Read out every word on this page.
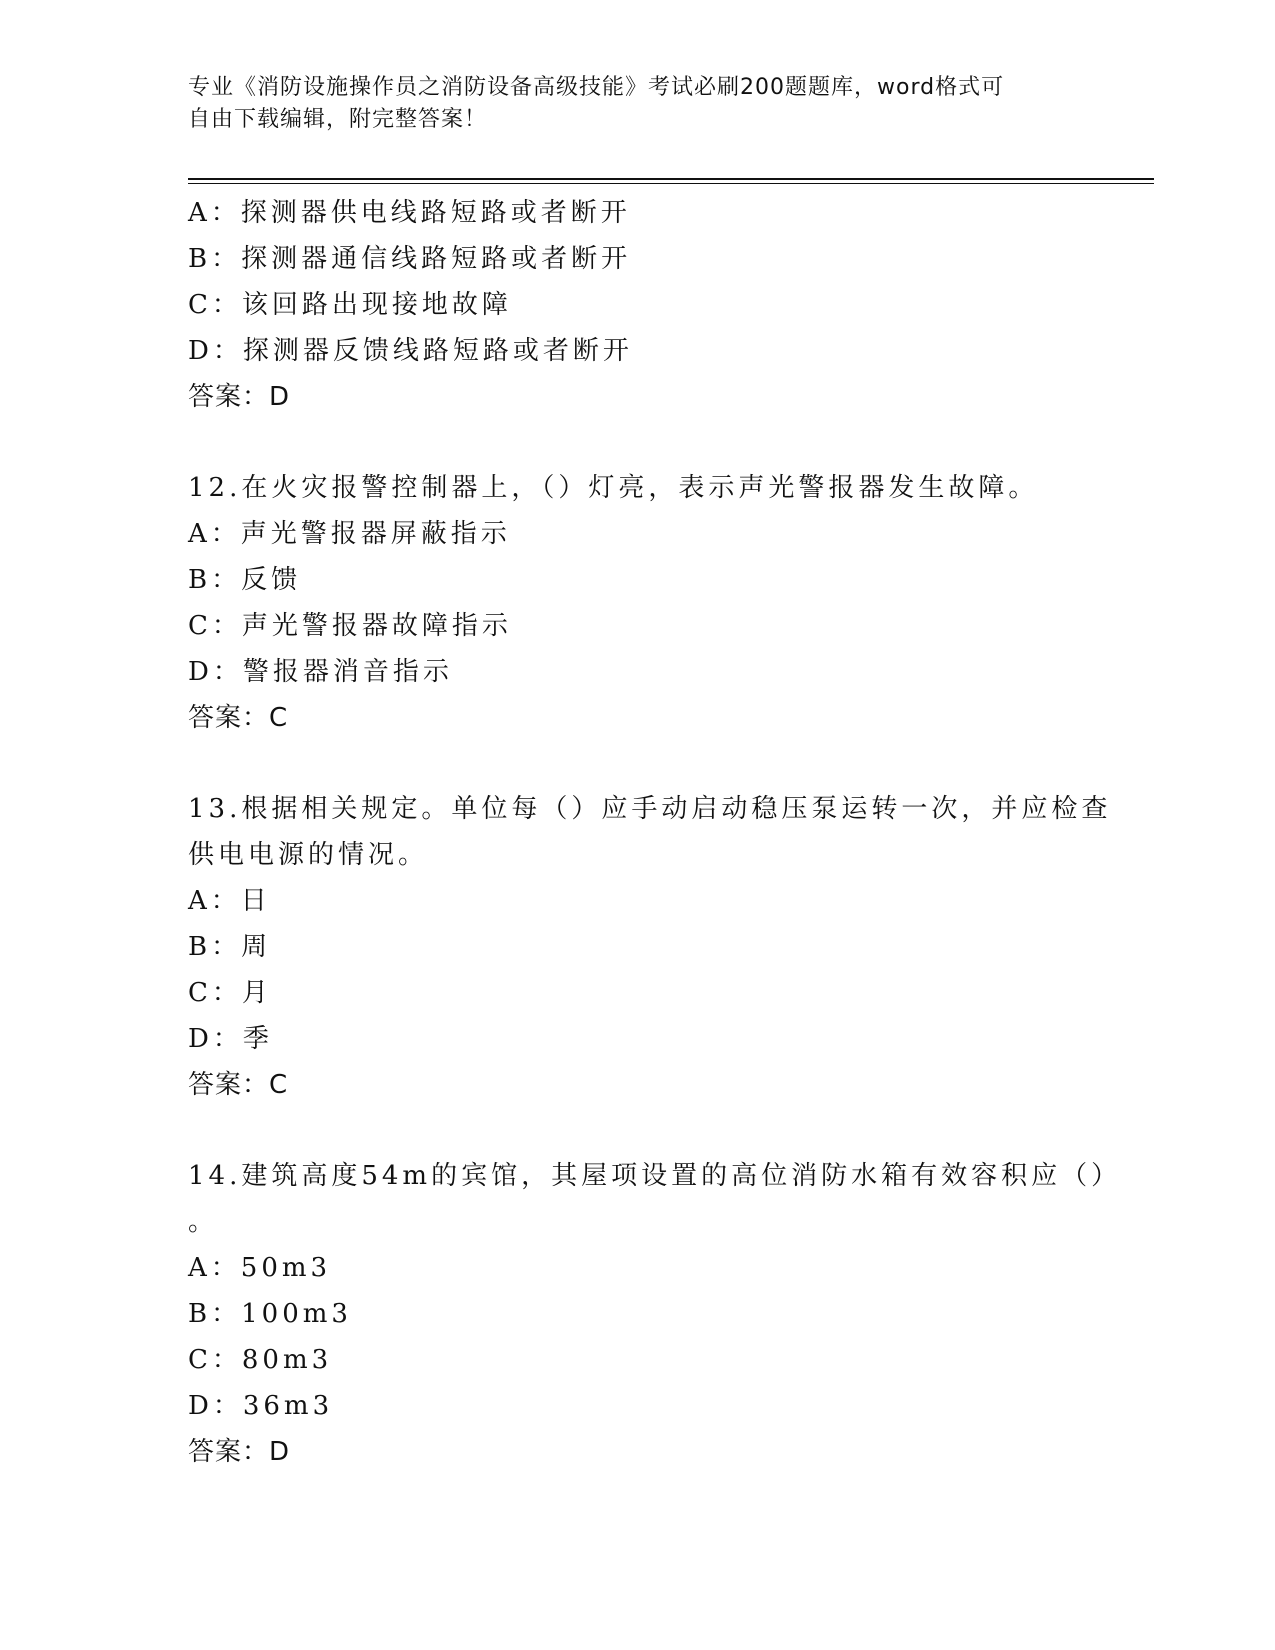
专业《消防设施操作员之消防设备高级技能》考试必刷200题题库，word格式可
自由下载编辑，附完整答案！
A：探测器供电线路短路或者断开
B：探测器通信线路短路或者断开
C：该回路出现接地故障
D：探测器反馈线路短路或者断开
答案：D
12.在火灾报警控制器上，（）灯亮，表示声光警报器发生故障。
A：声光警报器屏蔽指示
B：反馈
C：声光警报器故障指示
D：警报器消音指示
答案：C
13.根据相关规定。单位每（）应手动启动稳压泵运转一次，并应检查
供电电源的情况。
A：日
B：周
C：月
D：季
答案：C
14.建筑高度54m的宾馆，其屋项设置的高位消防水箱有效容积应（）
。
A：50m3
B：100m3
C：80m3
D：36m3
答案：D
